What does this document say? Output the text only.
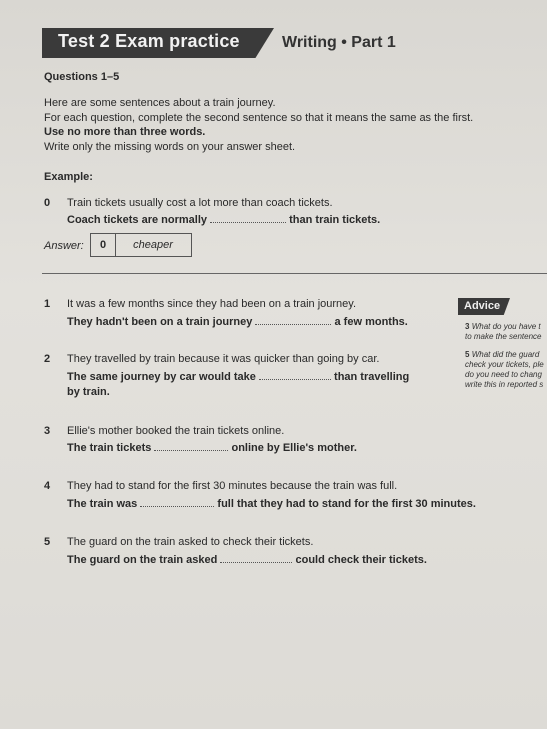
Test 2 Exam practice	Writing • Part 1
Questions 1–5
Here are some sentences about a train journey.
For each question, complete the second sentence so that it means the same as the first.
Use no more than three words.
Write only the missing words on your answer sheet.
Example:
0 Train tickets usually cost a lot more than coach tickets.
Coach tickets are normally	than train tickets.
Answer:	0	cheaper
1 It was a few months since they had been on a train journey.
They hadn't been on a train journey	a few months.
2 They travelled by train because it was quicker than going by car.
The same journey by car would take	than travelling
by train.
3 Ellie's mother booked the train tickets online.
The train tickets	online by Ellie's mother.
4 They had to stand for the first 30 minutes because the train was full.
The train was	full that they had to stand for the first 30 minutes.
5 The guard on the train asked to check their tickets.
The guard on the train asked	could check their tickets.
Advice
3 What do you have t
to make the sentence
5 What did the guard
check your tickets, ple
do you need to chang
write this in reported s
